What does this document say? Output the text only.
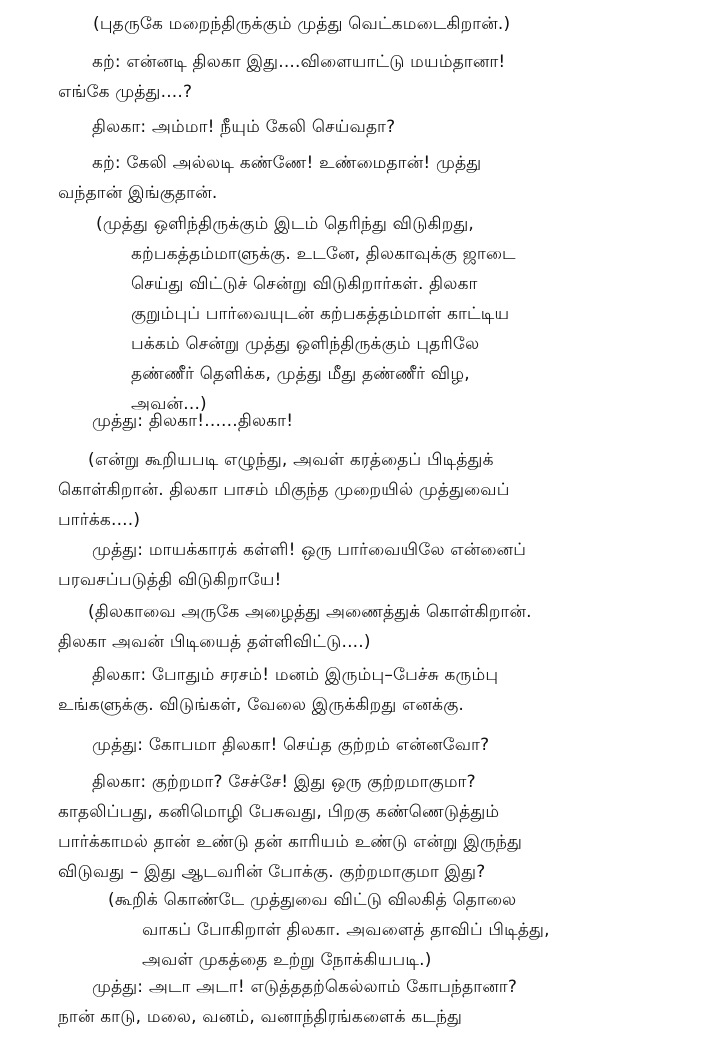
(புதருகே மறைந்திருக்கும் முத்து வெட்கமடைகிறான்.)
கற்: என்னடி திலகா இது....விளையாட்டு மயம்தானா!
எங்கே முத்து....?
திலகா: அம்மா! நீயும் கேலி செய்வதா?
கற்: கேலி அல்லடி கண்ணே! உண்மைதான்! முத்து
வந்தான் இங்குதான்.
(முத்து ஒளிந்திருக்கும் இடம் தெரிந்து விடுகிறது,
கற்பகத்தம்மாளுக்கு. உடனே, திலகாவுக்கு ஜாடை
செய்து விட்டுச் சென்று விடுகிறார்கள். திலகா
குறும்புப் பார்வையுடன் கற்பகத்தம்மாள் காட்டிய
பக்கம் சென்று முத்து ஒளிந்திருக்கும் புதரிலே
தண்ணீர் தெளிக்க, முத்து மீது தண்ணீர் விழ,
அவன்...)
முத்து: திலகா!......திலகா!
(என்று கூறியபடி எழுந்து, அவள் கரத்தைப் பிடித்துக்
கொள்கிறான். திலகா பாசம் மிகுந்த முறையில் முத்துவைப்
பார்க்க....)
முத்து: மாயக்காரக் கள்ளி! ஒரு பார்வையிலே என்னைப்
பரவசப்படுத்தி விடுகிறாயே!
(திலகாவை அருகே அழைத்து அணைத்துக் கொள்கிறான்.
திலகா அவன் பிடியைத் தள்ளிவிட்டு....)
திலகா: போதும் சரசம்! மனம் இரும்பு–பேச்சு கரும்பு
உங்களுக்கு. விடுங்கள், வேலை இருக்கிறது எனக்கு.
முத்து: கோபமா திலகா! செய்த குற்றம் என்னவோ?
திலகா: குற்றமா? சேச்சே! இது ஒரு குற்றமாகுமா?
காதலிப்பது, கனிமொழி பேசுவது, பிறகு கண்ணெடுத்தும்
பார்க்காமல் தான் உண்டு தன் காரியம் உண்டு என்று இருந்து
விடுவது – இது ஆடவரின் போக்கு. குற்றமாகுமா இது?
(கூறிக் கொண்டே முத்துவை விட்டு விலகித் தொலை
வாகப் போகிறாள் திலகா. அவளைத் தாவிப் பிடித்து,
அவள் முகத்தை உற்று நோக்கியபடி.)
முத்து: அடா அடா! எடுத்ததற்கெல்லாம் கோபந்தானா?
நான் காடு, மலை, வனம், வனாந்திரங்களைக் கடந்து
